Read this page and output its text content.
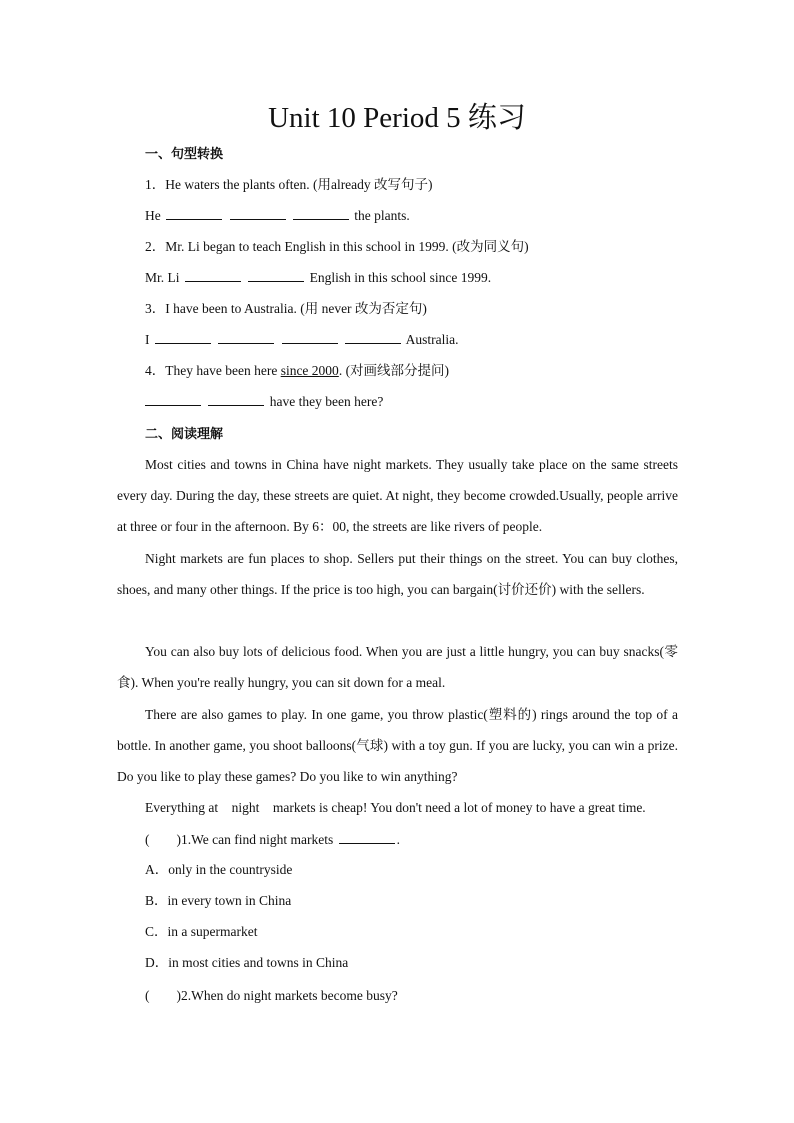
Unit 10 Period 5 练习
一、句型转换
1．He waters the plants often. (用already 改写句子)
He	the plants.
2．Mr. Li began to teach English in this school in 1999. (改为同义句)
Mr. Li	English in this school since 1999.
3．I have been to Australia. (用 never 改为否定句)
I	Australia.
4．They have been here since 2000. (对画线部分提问)
have they been here?
二、阅读理解
Most cities and towns in China have night markets. They usually take place on the same streets every day. During the day, these streets are quiet. At night, they become crowded.Usually, people arrive at three or four in the afternoon. By 6：00, the streets are like rivers of people.
Night markets are fun places to shop. Sellers put their things on the street. You can buy clothes, shoes, and many other things. If the price is too high, you can bargain(讨价还价) with the sellers.
You can also buy lots of delicious food. When you are just a little hungry, you can buy snacks(零食). When you're really hungry, you can sit down for a meal.
There are also games to play. In one game, you throw plastic(塑料的) rings around the top of a bottle. In another game, you shoot balloons(气球) with a toy gun. If you are lucky, you can win a prize. Do you like to play these games? Do you like to win anything?
Everything at    night    markets is cheap! You don't need a lot of money to have a great time.
(        )1.We can find night markets	.
A．only in the countryside
B．in every town in China
C．in a supermarket
D．in most cities and towns in China
(        )2.When do night markets become busy?
